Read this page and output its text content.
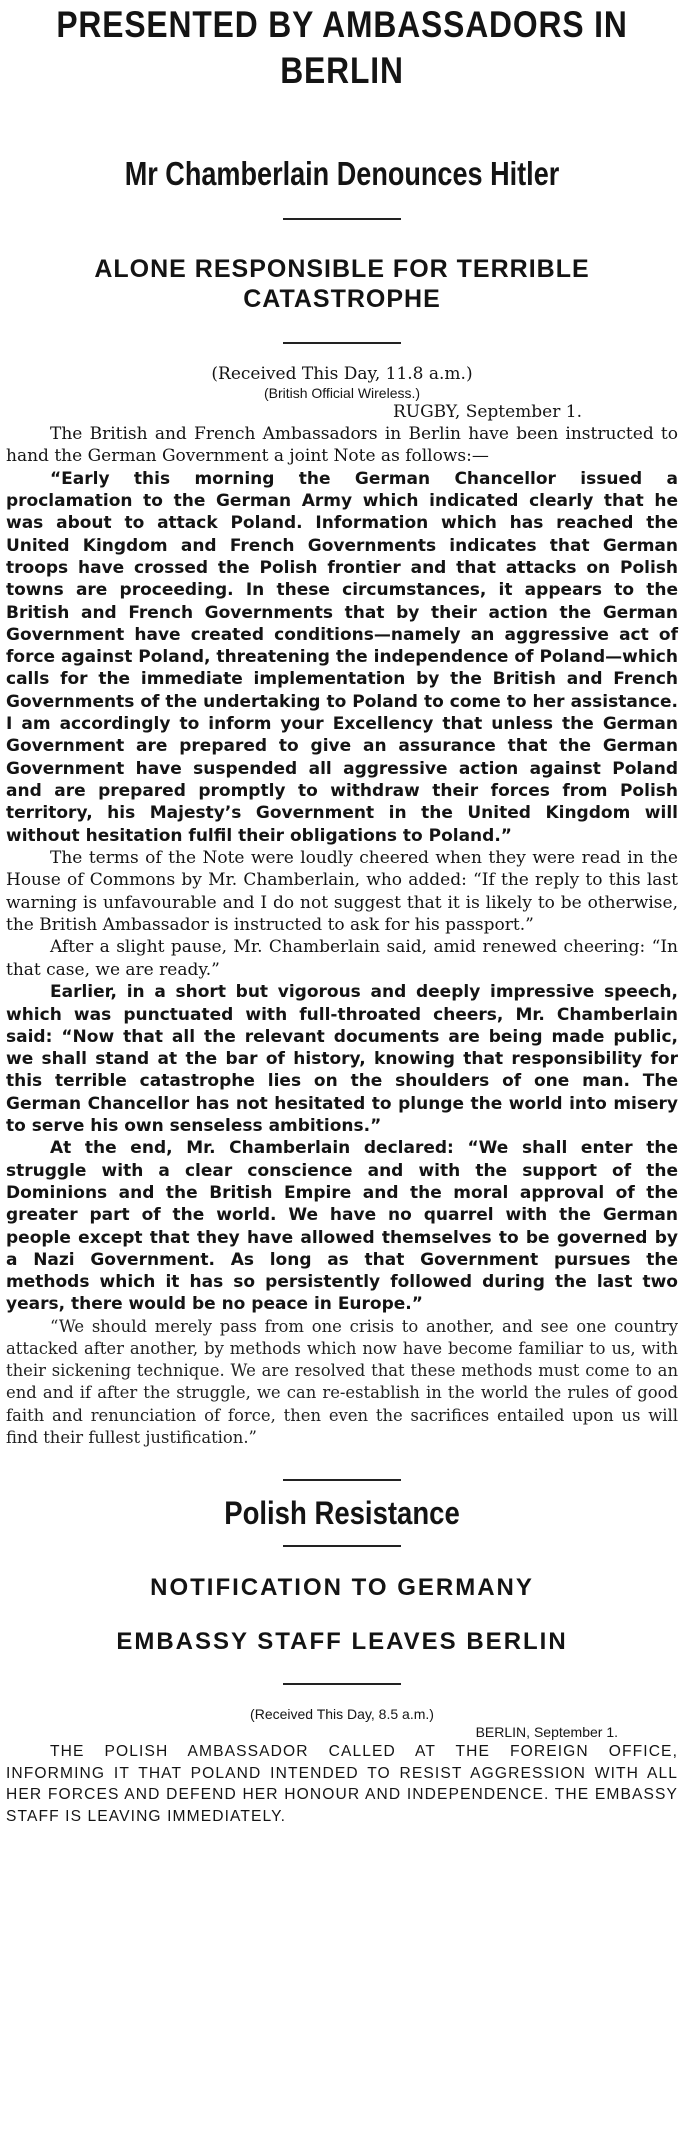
PRESENTED BY AMBASSADORS IN BERLIN
Mr Chamberlain Denounces Hitler
ALONE RESPONSIBLE FOR TERRIBLE CATASTROPHE
(Received This Day, 11.8 a.m.)
(British Official Wireless.)
RUGBY, September 1.

The British and French Ambassadors in Berlin have been instructed to hand the German Government a joint Note as follows:—

“Early this morning the German Chancellor issued a proclamation to the German Army which indicated clearly that he was about to attack Poland. Information which has reached the United Kingdom and French Governments indicates that German troops have crossed the Polish frontier and that attacks on Polish towns are proceeding. In these circumstances, it appears to the British and French Governments that by their action the German Government have created conditions—namely an aggressive act of force against Poland, threatening the independence of Poland—which calls for the immediate implementation by the British and French Governments of the undertaking to Poland to come to her assistance. I am accordingly to inform your Excellency that unless the German Government are prepared to give an assurance that the German Government have suspended all aggressive action against Poland and are prepared promptly to withdraw their forces from Polish territory, his Majesty’s Government in the United Kingdom will without hesitation fulfil their obligations to Poland.”

The terms of the Note were loudly cheered when they were read in the House of Commons by Mr. Chamberlain, who added: “If the reply to this last warning is unfavourable and I do not suggest that it is likely to be otherwise, the British Ambassador is instructed to ask for his passport.”

After a slight pause, Mr. Chamberlain said, amid renewed cheering: “In that case, we are ready.”

Earlier, in a short but vigorous and deeply impressive speech, which was punctuated with full-throated cheers, Mr. Chamberlain said: “Now that all the relevant documents are being made public, we shall stand at the bar of history, knowing that responsibility for this terrible catastrophe lies on the shoulders of one man. The German Chancellor has not hesitated to plunge the world into misery to serve his own senseless ambitions.”

At the end, Mr. Chamberlain declared: “We shall enter the struggle with a clear conscience and with the support of the Dominions and the British Empire and the moral approval of the greater part of the world. We have no quarrel with the German people except that they have allowed themselves to be governed by a Nazi Government. As long as that Government pursues the methods which it has so persistently followed during the last two years, there would be no peace in Europe.”

“We should merely pass from one crisis to another, and see one country attacked after another, by methods which now have become familiar to us, with their sickening technique. We are resolved that these methods must come to an end and if after the struggle, we can re-establish in the world the rules of good faith and renunciation of force, then even the sacrifices entailed upon us will find their fullest justification.”

Polish Resistance
NOTIFICATION TO GERMANY
EMBASSY STAFF LEAVES BERLIN
(Received This Day, 8.5 a.m.)
BERLIN, September 1.

THE POLISH AMBASSADOR CALLED AT THE FOREIGN OFFICE, INFORMING IT THAT POLAND INTENDED TO RESIST AGGRESSION WITH ALL HER FORCES AND DEFEND HER HONOUR AND INDEPENDENCE. THE EMBASSY STAFF IS LEAVING IMMEDIATELY.
